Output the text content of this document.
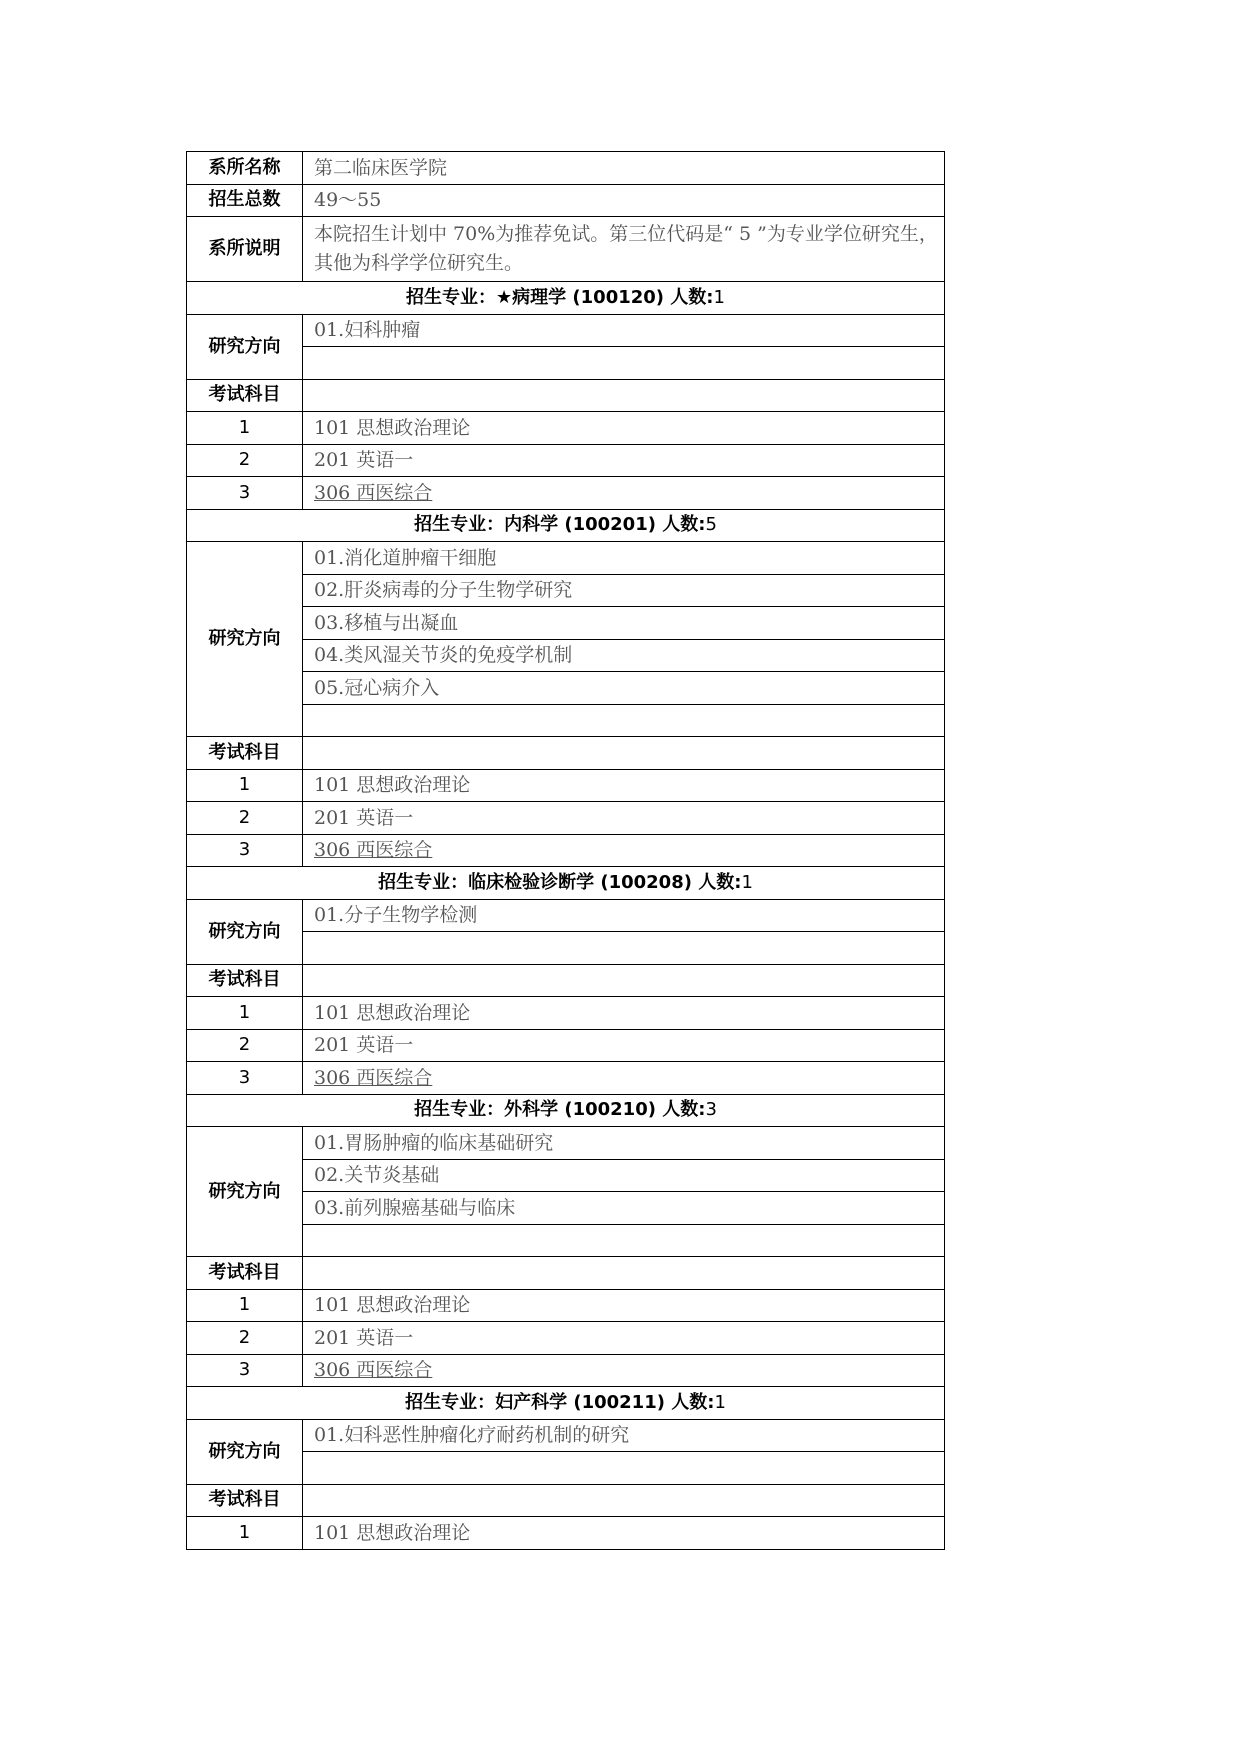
系所名称	第二临床医学院
招生总数	49～55
系所说明	本院招生计划中 70%为推荐免试。第三位代码是“ 5 ”为专业学位研究生，其他为科学学位研究生。
招生专业：★病理学 (100120) 人数:1	
研究方向	01.妇科肿瘤

考试科目	
1	101 思想政治理论
2	201 英语一
3	306 西医综合
招生专业：内科学 (100201) 人数:5	
研究方向	01.消化道肿瘤干细胞
	02.肝炎病毒的分子生物学研究
	03.移植与出凝血
	04.类风湿关节炎的免疫学机制
	05.冠心病介入

考试科目	
1	101 思想政治理论
2	201 英语一
3	306 西医综合
招生专业：临床检验诊断学 (100208) 人数:1	
研究方向	01.分子生物学检测

考试科目	
1	101 思想政治理论
2	201 英语一
3	306 西医综合
招生专业：外科学 (100210) 人数:3	
研究方向	01.胃肠肿瘤的临床基础研究
	02.关节炎基础
	03.前列腺癌基础与临床

考试科目	
1	101 思想政治理论
2	201 英语一
3	306 西医综合
招生专业：妇产科学 (100211) 人数:1	
研究方向	01.妇科恶性肿瘤化疗耐药机制的研究

考试科目	
1	101 思想政治理论
